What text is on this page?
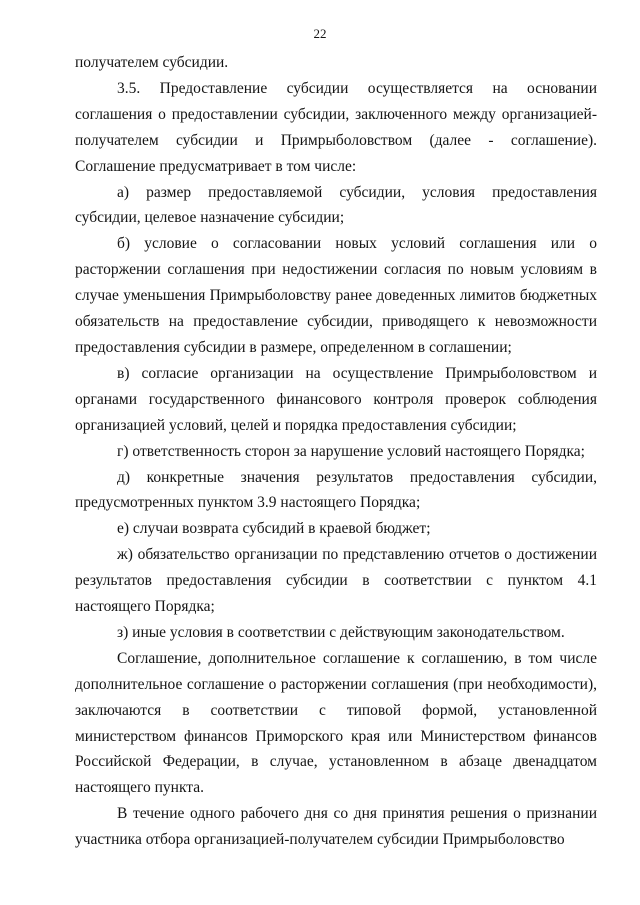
22

получателем субсидии.

3.5. Предоставление субсидии осуществляется на основании соглашения о предоставлении субсидии, заключенного между организацией-получателем субсидии и Примрыболовством (далее - соглашение). Соглашение предусматривает в том числе:

а) размер предоставляемой субсидии, условия предоставления субсидии, целевое назначение субсидии;

б) условие о согласовании новых условий соглашения или о расторжении соглашения при недостижении согласия по новым условиям в случае уменьшения Примрыболовству ранее доведенных лимитов бюджетных обязательств на предоставление субсидии, приводящего к невозможности предоставления субсидии в размере, определенном в соглашении;

в) согласие организации на осуществление Примрыболовством и органами государственного финансового контроля проверок соблюдения организацией условий, целей и порядка предоставления субсидии;

г) ответственность сторон за нарушение условий настоящего Порядка;

д) конкретные значения результатов предоставления субсидии, предусмотренных пунктом 3.9 настоящего Порядка;

е) случаи возврата субсидий в краевой бюджет;

ж) обязательство организации по представлению отчетов о достижении результатов предоставления субсидии в соответствии с пунктом 4.1 настоящего Порядка;

з) иные условия в соответствии с действующим законодательством.

Соглашение, дополнительное соглашение к соглашению, в том числе дополнительное соглашение о расторжении соглашения (при необходимости), заключаются в соответствии с типовой формой, установленной министерством финансов Приморского края или Министерством финансов Российской Федерации, в случае, установленном в абзаце двенадцатом настоящего пункта.

В течение одного рабочего дня со дня принятия решения о признании участника отбора организацией-получателем субсидии Примрыболовство
